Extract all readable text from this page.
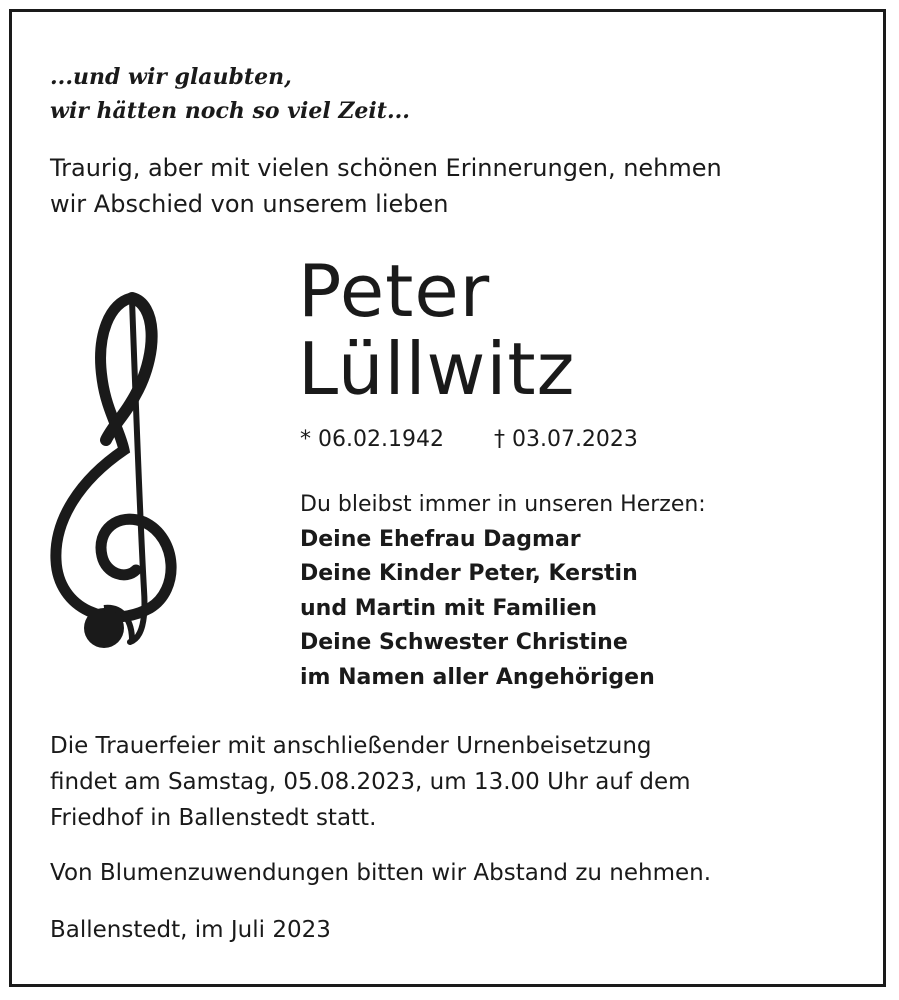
...und wir glaubten,
wir hätten noch so viel Zeit...

Traurig, aber mit vielen schönen Erinnerungen, nehmen
wir Abschied von unserem lieben

Peter
Lüllwitz

* 06.02.1942 † 03.07.2023

Du bleibst immer in unseren Herzen:
Deine Ehefrau Dagmar
Deine Kinder Peter, Kerstin
und Martin mit Familien
Deine Schwester Christine
im Namen aller Angehörigen

Die Trauerfeier mit anschließender Urnenbeisetzung
findet am Samstag, 05.08.2023, um 13.00 Uhr auf dem
Friedhof in Ballenstedt statt.

Von Blumenzuwendungen bitten wir Abstand zu nehmen.

Ballenstedt, im Juli 2023
